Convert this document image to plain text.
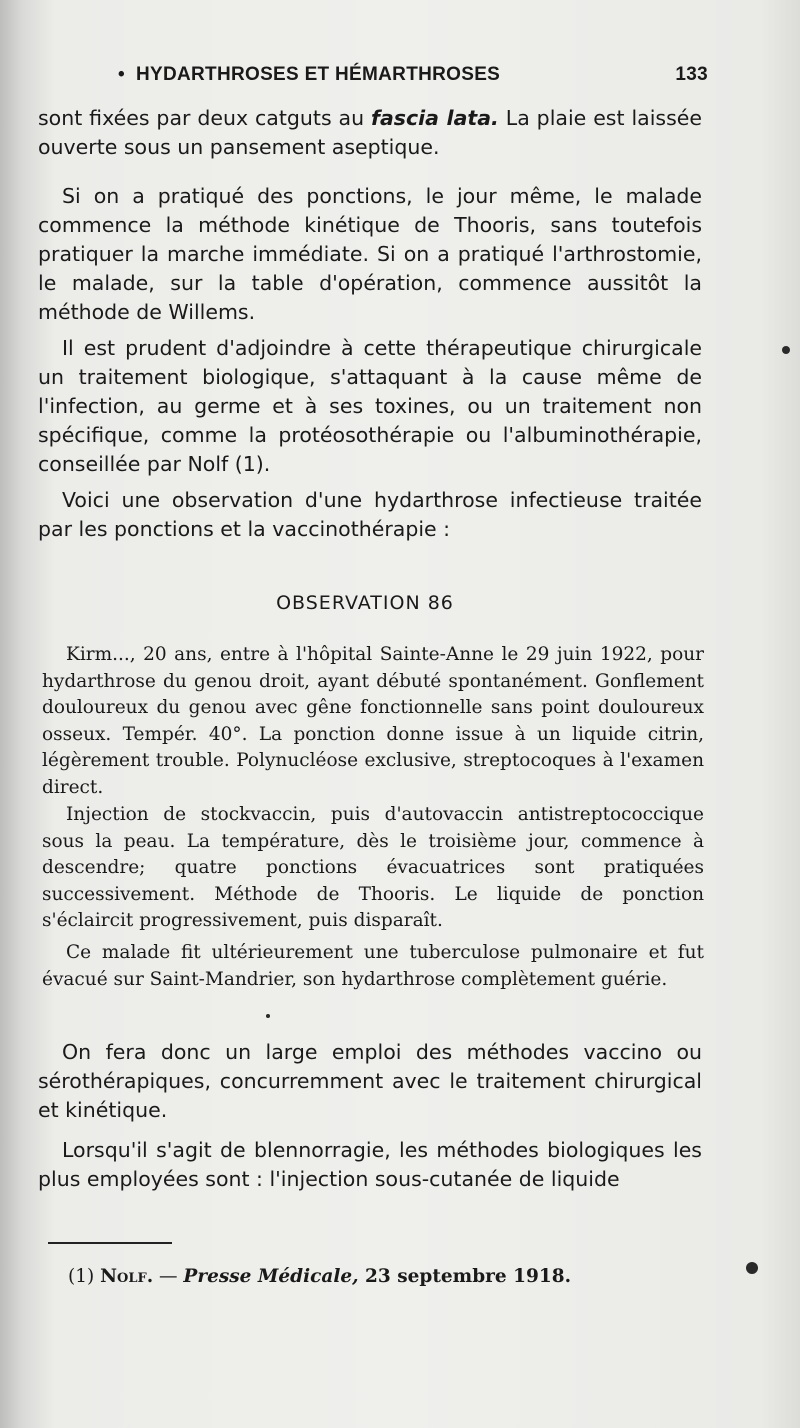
• HYDARTHROSES ET HÉMARTHROSES	133

sont fixées par deux catguts au fascia lata. La plaie est laissée ouverte sous un pansement aseptique.

Si on a pratiqué des ponctions, le jour même, le malade commence la méthode kinétique de Thooris, sans toutefois pratiquer la marche immédiate. Si on a pratiqué l'arthrostomie, le malade, sur la table d'opération, commence aussitôt la méthode de Willems.

Il est prudent d'adjoindre à cette thérapeutique chirurgicale un traitement biologique, s'attaquant à la cause même de l'infection, au germe et à ses toxines, ou un traitement non spécifique, comme la protéosothérapie ou l'albuminothérapie, conseillée par Nolf (1).

Voici une observation d'une hydarthrose infectieuse traitée par les ponctions et la vaccinothérapie :

OBSERVATION 86

Kirm..., 20 ans, entre à l'hôpital Sainte-Anne le 29 juin 1922, pour hydarthrose du genou droit, ayant débuté spontanément. Gonflement douloureux du genou avec gêne fonctionnelle sans point douloureux osseux. Tempér. 40°. La ponction donne issue à un liquide citrin, légèrement trouble. Polynucléose exclusive, streptocoques à l'examen direct.

Injection de stockvaccin, puis d'autovaccin antistreptococcique sous la peau. La température, dès le troisième jour, commence à descendre; quatre ponctions évacuatrices sont pratiquées successivement. Méthode de Thooris. Le liquide de ponction s'éclaircit progressivement, puis disparaît.

Ce malade fit ultérieurement une tuberculose pulmonaire et fut évacué sur Saint-Mandrier, son hydarthrose complètement guérie.

On fera donc un large emploi des méthodes vaccino ou sérothérapiques, concurremment avec le traitement chirurgical et kinétique.

Lorsqu'il s'agit de blennorragie, les méthodes biologiques les plus employées sont : l'injection sous-cutanée de liquide

(1) Nolf. — Presse Médicale, 23 septembre 1918.
